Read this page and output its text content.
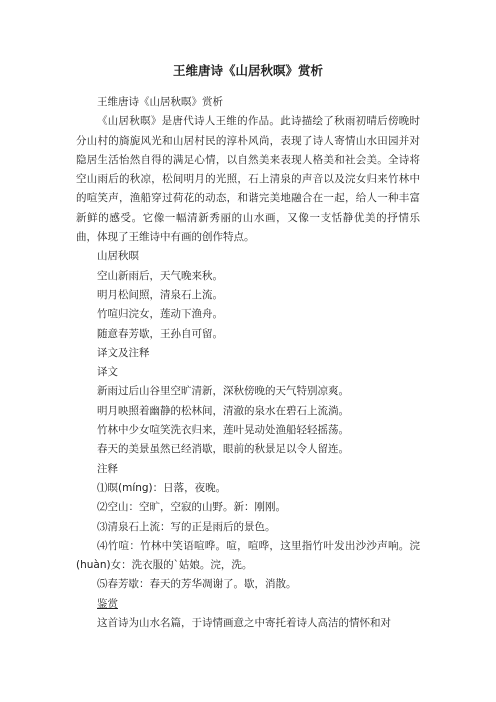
王维唐诗《山居秋暝》赏析

王维唐诗《山居秋暝》赏析

《山居秋暝》是唐代诗人王维的作品。此诗描绘了秋雨初晴后傍晚时分山村的旖旎风光和山居村民的淳朴风尚，表现了诗人寄情山水田园并对隐居生活怡然自得的满足心情，以自然美来表现人格美和社会美。全诗将空山雨后的秋凉，松间明月的光照，石上清泉的声音以及浣女归来竹林中的喧笑声，渔船穿过荷花的动态，和谐完美地融合在一起，给人一种丰富新鲜的感受。它像一幅清新秀丽的山水画，又像一支恬静优美的抒情乐曲，体现了王维诗中有画的创作特点。

山居秋暝

空山新雨后，天气晚来秋。

明月松间照，清泉石上流。

竹喧归浣女，莲动下渔舟。

随意春芳歇，王孙自可留。

译文及注释

译文

新雨过后山谷里空旷清新，深秋傍晚的天气特别凉爽。

明月映照着幽静的松林间，清澈的泉水在碧石上流淌。

竹林中少女喧笑洗衣归来，莲叶晃动处渔船轻轻摇荡。

春天的美景虽然已经消歇，眼前的秋景足以令人留连。

注释

⑴暝(míng)：日落，夜晚。

⑵空山：空旷，空寂的山野。新：刚刚。

⑶清泉石上流：写的正是雨后的景色。

⑷竹喧：竹林中笑语喧哗。喧，喧哗，这里指竹叶发出沙沙声响。浣(huàn)女：洗衣服的`姑娘。浣，洗。

⑸春芳歇：春天的芳华凋谢了。歇，消散。

鉴赏

这首诗为山水名篇，于诗情画意之中寄托着诗人高洁的情怀和对
